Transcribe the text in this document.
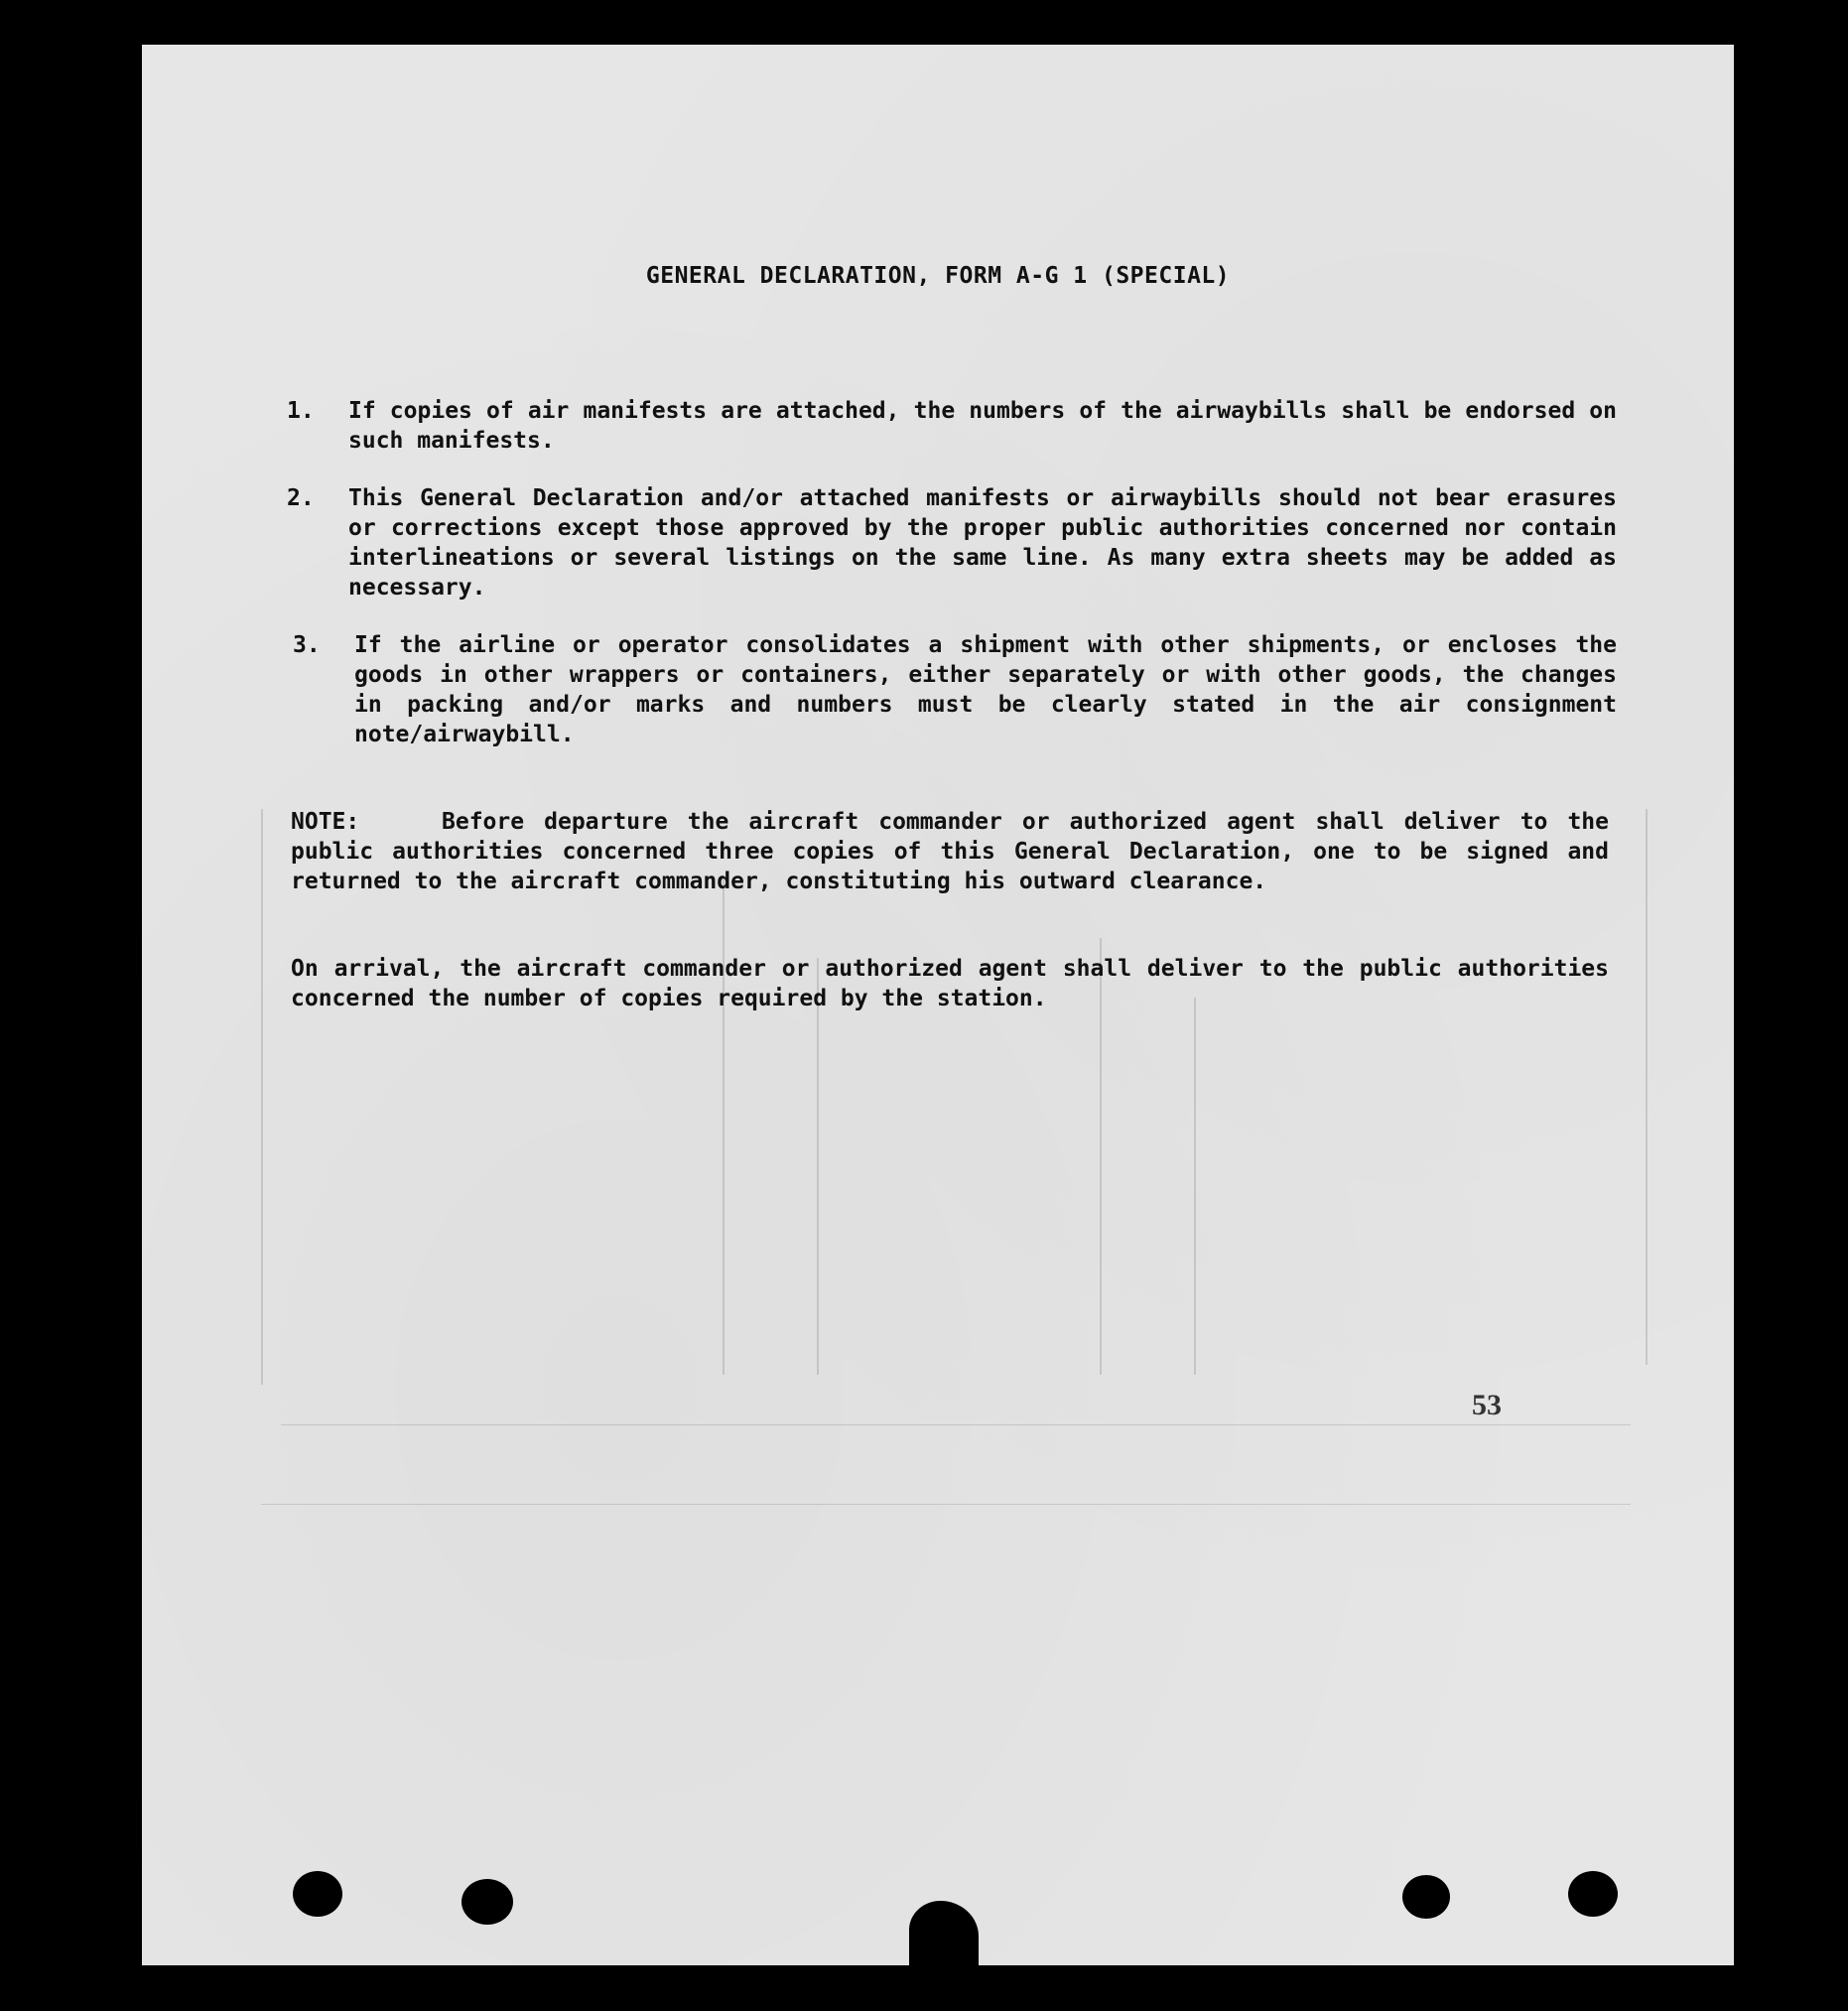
GENERAL DECLARATION, FORM A-G 1 (SPECIAL)
1.	If copies of air manifests are attached, the numbers of the airwaybills shall be endorsed on such manifests.
2.	This General Declaration and/or attached manifests or airwaybills should not bear erasures or corrections except those approved by the proper public authorities concerned nor contain interlineations or several listings on the same line. As many extra sheets may be added as necessary.
3.	If the airline or operator consolidates a shipment with other shipments, or encloses the goods in other wrappers or containers, either separately or with other goods, the changes in packing and/or marks and numbers must be clearly stated in the air consignment note/airwaybill.
NOTE:	Before departure the aircraft commander or authorized agent shall deliver to the public authorities concerned three copies of this General Declaration, one to be signed and returned to the aircraft commander, constituting his outward clearance.
On arrival, the aircraft commander or authorized agent shall deliver to the public authorities concerned the number of copies required by the station.
53
